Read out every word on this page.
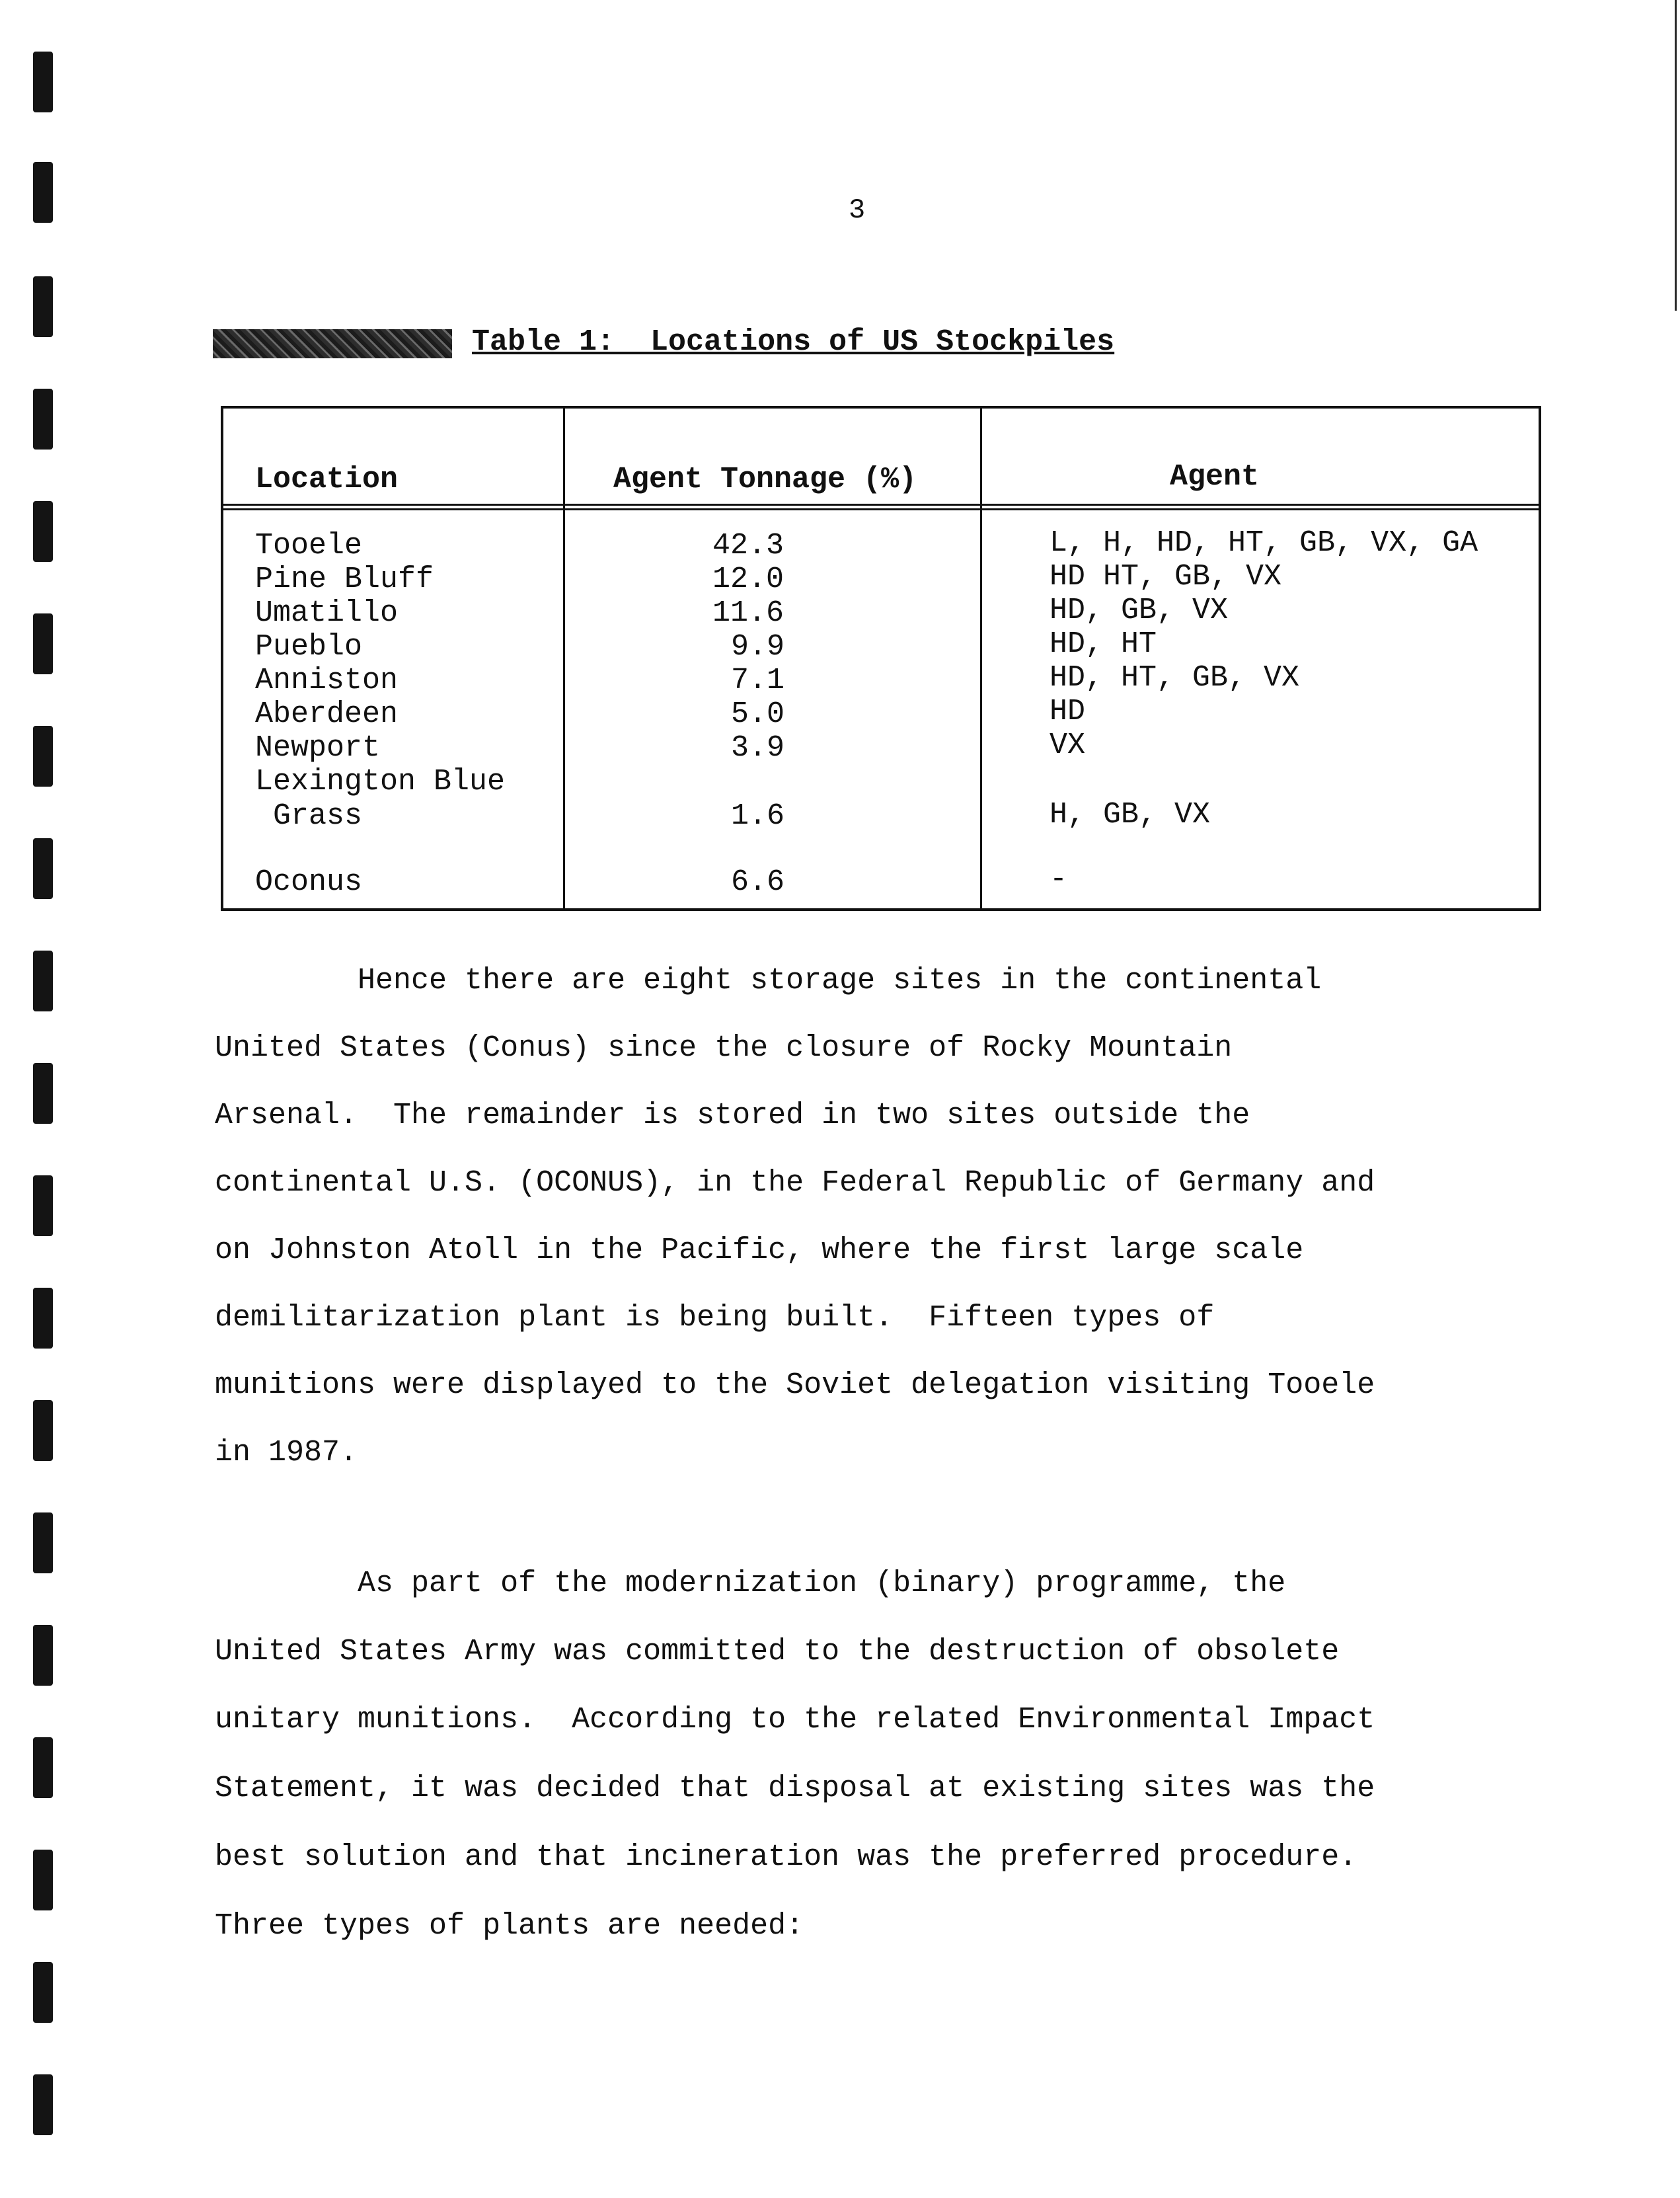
3
Table 1:  Locations of US Stockpiles
Location	Agent Tonnage (%)	Agent
Tooele	42.3	L, H, HD, HT, GB, VX, GA
Pine Bluff	12.0	HD HT, GB, VX
Umatillo	11.6	HD, GB, VX
Pueblo	9.9	HD, HT
Anniston	7.1	HD, HT, GB, VX
Aberdeen	5.0	HD
Newport	3.9	VX
Lexington Blue
Grass	1.6	H, GB, VX
Oconus	6.6	-
Hence there are eight storage sites in the continental
United States (Conus) since the closure of Rocky Mountain
Arsenal.  The remainder is stored in two sites outside the
continental U.S. (OCONUS), in the Federal Republic of Germany and
on Johnston Atoll in the Pacific, where the first large scale
demilitarization plant is being built.  Fifteen types of
munitions were displayed to the Soviet delegation visiting Tooele
in 1987.
As part of the modernization (binary) programme, the
United States Army was committed to the destruction of obsolete
unitary munitions.  According to the related Environmental Impact
Statement, it was decided that disposal at existing sites was the
best solution and that incineration was the preferred procedure.
Three types of plants are needed:
